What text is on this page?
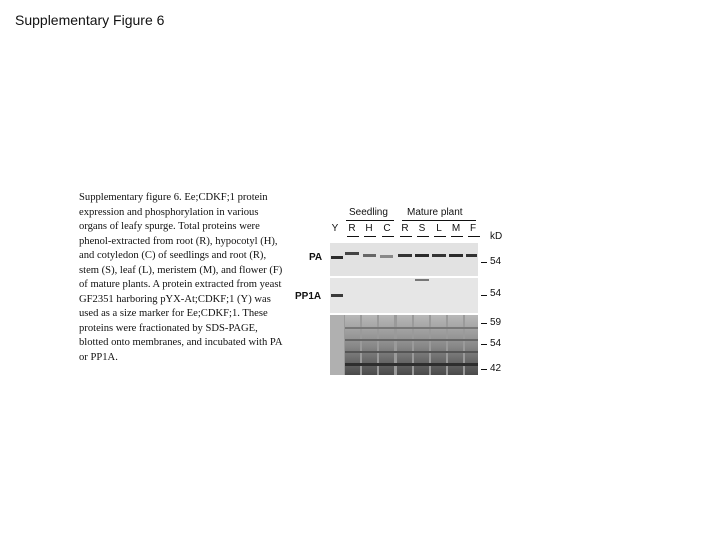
Supplementary Figure 6

Supplementary figure 6. Ee;CDKF;1 protein expression and phosphorylation in various organs of leafy spurge. Total proteins were phenol-extracted from root (R), hypocotyl (H), and cotyledon (C) of seedlings and root (R), stem (S), leaf (L), meristem (M), and flower (F) of mature plants. A protein extracted from yeast GF2351 harboring pYX-At;CDKF;1 (Y) was used as a size marker for Ee;CDKF;1. These proteins were fractionated by SDS-PAGE, blotted onto membranes, and incubated with PA or PP1A.

Seedling Mature plant
Y	R H	C	R	S	L	M F
kD
PA
PP1A
54
54
59
54
42
